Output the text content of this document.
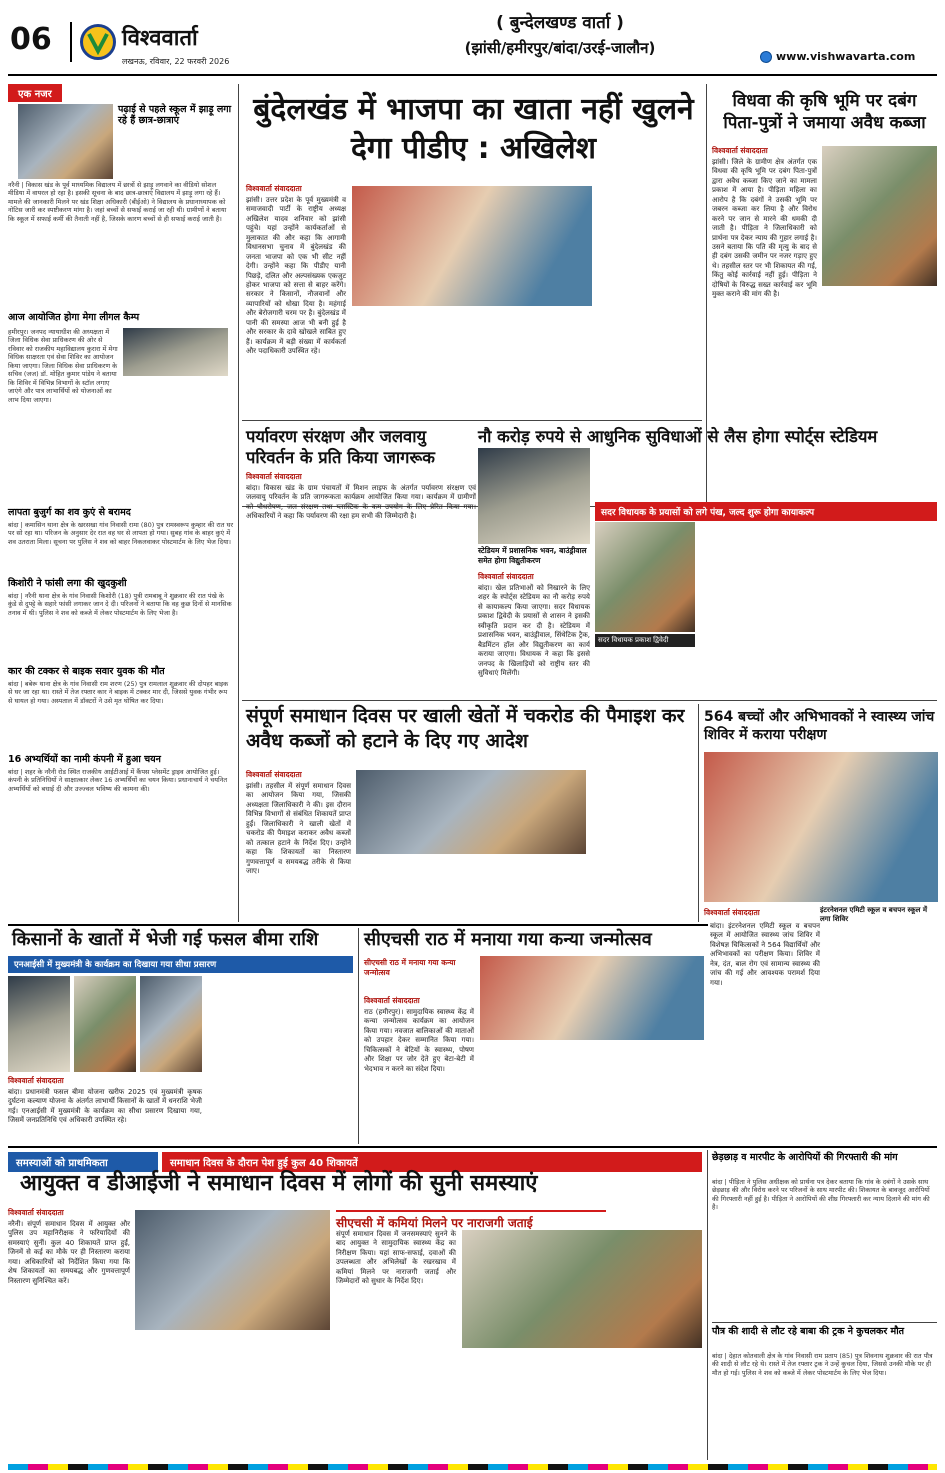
06	विश्ववार्ता
लखनऊ, रविवार, 22 फरवरी 2026
( बुन्देलखण्ड वार्ता )
(झांसी/हमीरपुर/बांदा/उरई-जालौन)	www.vishwavarta.com
एक नजर
पढ़ाई से पहले स्कूल में झाड़ू लगा रहे हैं छात्र-छात्राएं
नरैनी | विकास खंड के पूर्व माध्यमिक विद्यालय में छात्रों से झाड़ू लगवाने का वीडियो सोशल मीडिया में वायरल हो रहा है। इसकी सूचना के बाद छात्र-छात्राएं विद्यालय में झाड़ू लगा रहे हैं। मामले की जानकारी मिलने पर खंड शिक्षा अधिकारी (बीईओ) ने विद्यालय के प्रधानाध्यापक को नोटिस जारी कर स्पष्टीकरण मांगा है। जहां बच्चों से सफाई कराई जा रही थी। ग्रामीणों ने बताया कि स्कूल में सफाई कर्मी की तैनाती नहीं है, जिसके कारण बच्चों से ही सफाई कराई जाती है।
आज आयोजित होगा मेगा लीगल कैम्प
हमीरपुर। जनपद न्यायाधीश की अध्यक्षता में जिला विधिक सेवा प्राधिकरण की ओर से रविवार को राजकीय महाविद्यालय कुरारा में मेगा विधिक साक्षरता एवं सेवा शिविर का आयोजन किया जाएगा। जिला विधिक सेवा प्राधिकरण के सचिव (जज) डॉ. मोहित कुमार पांडेय ने बताया कि शिविर में विभिन्न विभागों के स्टॉल लगाए जाएंगे और पात्र लाभार्थियों को योजनाओं का लाभ दिया जाएगा।
लापता बुजुर्ग का शव कुएं से बरामद
बांदा | कमासिन थाना क्षेत्र के खरसखा गांव निवासी रामा (80) पुत्र रामस्वरूप कुम्हार की रात घर पर सो रहा था। परिजन के अनुसार देर रात वह घर से लापता हो गया। सुबह गांव के बाहर कुएं में शव उतराता मिला। सूचना पर पुलिस ने शव को बाहर निकलवाकर पोस्टमार्टम के लिए भेज दिया।
किशोरी ने फांसी लगा की खुदकुशी
बांदा | नरैनी थाना क्षेत्र के गांव निवासी किशोरी (18) पुत्री रामबाबू ने शुक्रवार की रात पंखे के कुंडे से दुपट्टे के सहारे फांसी लगाकर जान दे दी। परिजनों ने बताया कि वह कुछ दिनों से मानसिक तनाव में थी। पुलिस ने शव को कब्जे में लेकर पोस्टमार्टम के लिए भेजा है।
कार की टक्कर से बाइक सवार युवक की मौत
बांदा | बबेरू थाना क्षेत्र के गांव निवासी राम शरण (25) पुत्र रामलाल शुक्रवार की दोपहर बाइक से घर जा रहा था। रास्ते में तेज रफ्तार कार ने बाइक में टक्कर मार दी, जिससे युवक गंभीर रूप से घायल हो गया। अस्पताल में डॉक्टरों ने उसे मृत घोषित कर दिया।
16 अभ्यर्थियों का नामी कंपनी में हुआ चयन
बांदा | शहर के नरैनी रोड स्थित राजकीय आईटीआई में कैंपस प्लेसमेंट ड्राइव आयोजित हुई। कंपनी के प्रतिनिधियों ने साक्षात्कार लेकर 16 अभ्यर्थियों का चयन किया। प्रधानाचार्य ने चयनित अभ्यर्थियों को बधाई दी और उज्ज्वल भविष्य की कामना की।
बुंदेलखंड में भाजपा का खाता नहीं खुलने देगा पीडीए : अखिलेश
विश्ववार्ता संवाददाता
झांसी। उत्तर प्रदेश के पूर्व मुख्यमंत्री व समाजवादी पार्टी के राष्ट्रीय अध्यक्ष अखिलेश यादव शनिवार को झांसी पहुंचे। यहां उन्होंने कार्यकर्ताओं से मुलाकात की और कहा कि आगामी विधानसभा चुनाव में बुंदेलखंड की जनता भाजपा को एक भी सीट नहीं देगी। उन्होंने कहा कि पीडीए यानी पिछड़े, दलित और अल्पसंख्यक एकजुट होकर भाजपा को सत्ता से बाहर करेंगे। सरकार ने किसानों, नौजवानों और व्यापारियों को धोखा दिया है। महंगाई और बेरोजगारी चरम पर है। बुंदेलखंड में पानी की समस्या आज भी बनी हुई है और सरकार के दावे खोखले साबित हुए हैं। कार्यक्रम में बड़ी संख्या में कार्यकर्ता और पदाधिकारी उपस्थित रहे।
विधवा की कृषि भूमि पर दबंग पिता-पुत्रों ने जमाया अवैध कब्जा
विश्ववार्ता संवाददाता
झांसी। जिले के ग्रामीण क्षेत्र अंतर्गत एक विधवा की कृषि भूमि पर दबंग पिता-पुत्रों द्वारा अवैध कब्जा किए जाने का मामला प्रकाश में आया है। पीड़िता महिला का आरोप है कि दबंगों ने उसकी भूमि पर जबरन कब्जा कर लिया है और विरोध करने पर जान से मारने की धमकी दी जाती है। पीड़िता ने जिलाधिकारी को प्रार्थना पत्र देकर न्याय की गुहार लगाई है। उसने बताया कि पति की मृत्यु के बाद से ही दबंग उसकी जमीन पर नजर गड़ाए हुए थे। तहसील स्तर पर भी शिकायत की गई, किंतु कोई कार्रवाई नहीं हुई। पीड़िता ने दोषियों के विरुद्ध सख्त कार्रवाई कर भूमि मुक्त कराने की मांग की है।
पर्यावरण संरक्षण और जलवायु परिवर्तन के प्रति किया जागरूक
विश्ववार्ता संवाददाता
बांदा। विकास खंड के ग्राम पंचायतों में मिशन लाइफ के अंतर्गत पर्यावरण संरक्षण एवं जलवायु परिवर्तन के प्रति जागरूकता कार्यक्रम आयोजित किया गया। कार्यक्रम में ग्रामीणों को पौधरोपण, जल संरक्षण तथा प्लास्टिक के कम उपयोग के लिए प्रेरित किया गया। अधिकारियों ने कहा कि पर्यावरण की रक्षा हम सभी की जिम्मेदारी है।
नौ करोड़ रुपये से आधुनिक सुविधाओं से लैस होगा स्पोर्ट्स स्टेडियम
स्टेडियम में प्रशासनिक भवन, बाउंड्रीवाल समेत होगा विद्युतीकरण
सदर विधायक के प्रयासों को लगे पंख, जल्द शुरू होगा कायाकल्प
विश्ववार्ता संवाददाता
बांदा। खेल प्रतिभाओं को निखारने के लिए शहर के स्पोर्ट्स स्टेडियम का नौ करोड़ रुपये से कायाकल्प किया जाएगा। सदर विधायक प्रकाश द्विवेदी के प्रयासों से शासन ने इसकी स्वीकृति प्रदान कर दी है। स्टेडियम में प्रशासनिक भवन, बाउंड्रीवाल, सिंथेटिक ट्रैक, बैडमिंटन हॉल और विद्युतीकरण का कार्य कराया जाएगा। विधायक ने कहा कि इससे जनपद के खिलाड़ियों को राष्ट्रीय स्तर की सुविधाएं मिलेंगी।
सदर विधायक प्रकाश द्विवेदी
संपूर्ण समाधान दिवस पर खाली खेतों में चकरोड की पैमाइश कर अवैध कब्जों को हटाने के दिए गए आदेश
विश्ववार्ता संवाददाता
झांसी। तहसील में संपूर्ण समाधान दिवस का आयोजन किया गया, जिसकी अध्यक्षता जिलाधिकारी ने की। इस दौरान विभिन्न विभागों से संबंधित शिकायतें प्राप्त हुईं। जिलाधिकारी ने खाली खेतों में चकरोड की पैमाइश कराकर अवैध कब्जों को तत्काल हटाने के निर्देश दिए। उन्होंने कहा कि शिकायतों का निस्तारण गुणवत्तापूर्ण व समयबद्ध तरीके से किया जाए।
564 बच्चों और अभिभावकों ने स्वास्थ्य जांच शिविर में कराया परीक्षण
इंटरनेशनल एमिटी स्कूल व बचपन स्कूल में लगा शिविर
विश्ववार्ता संवाददाता
किसानों के खातों में भेजी गई फसल बीमा राशि
एनआईसी में मुख्यमंत्री के कार्यक्रम का दिखाया गया सीधा प्रसारण
विश्ववार्ता संवाददाता
बांदा। प्रधानमंत्री फसल बीमा योजना खरीफ 2025 एवं मुख्यमंत्री कृषक दुर्घटना कल्याण योजना के अंतर्गत लाभार्थी किसानों के खातों में धनराशि भेजी गई। एनआईसी में मुख्यमंत्री के कार्यक्रम का सीधा प्रसारण दिखाया गया, जिसमें जनप्रतिनिधि एवं अधिकारी उपस्थित रहे।
सीएचसी राठ में मनाया गया कन्या जन्मोत्सव
सीएचसी राठ में मनाया गया कन्या जन्मोत्सव
विश्ववार्ता संवाददाता
राठ (हमीरपुर)। सामुदायिक स्वास्थ्य केंद्र में कन्या जन्मोत्सव कार्यक्रम का आयोजन किया गया। नवजात बालिकाओं की माताओं को उपहार देकर सम्मानित किया गया। चिकित्सकों ने बेटियों के स्वास्थ्य, पोषण और शिक्षा पर जोर देते हुए बेटा-बेटी में भेदभाव न करने का संदेश दिया।
बांदा। इंटरनेशनल एमिटी स्कूल व बचपन स्कूल में आयोजित स्वास्थ्य जांच शिविर में विशेषज्ञ चिकित्सकों ने 564 विद्यार्थियों और अभिभावकों का परीक्षण किया। शिविर में नेत्र, दंत, बाल रोग एवं सामान्य स्वास्थ्य की जांच की गई और आवश्यक परामर्श दिया गया।
समस्याओं को प्राथमिकता	समाधान दिवस के दौरान पेश हुई कुल 40 शिकायतें
आयुक्त व डीआईजी ने समाधान दिवस में लोगों की सुनी समस्याएं
विश्ववार्ता संवाददाता
नरैनी। संपूर्ण समाधान दिवस में आयुक्त और पुलिस उप महानिरीक्षक ने फरियादियों की समस्याएं सुनीं। कुल 40 शिकायतें प्राप्त हुईं, जिनमें से कई का मौके पर ही निस्तारण कराया गया। अधिकारियों को निर्देशित किया गया कि शेष शिकायतों का समयबद्ध और गुणवत्तापूर्ण निस्तारण सुनिश्चित करें।
सीएचसी में कमियां मिलने पर नाराजगी जताई
संपूर्ण समाधान दिवस में जनसमस्याएं सुनने के बाद आयुक्त ने सामुदायिक स्वास्थ्य केंद्र का निरीक्षण किया। यहां साफ-सफाई, दवाओं की उपलब्धता और अभिलेखों के रखरखाव में कमियां मिलने पर नाराजगी जताई और जिम्मेदारों को सुधार के निर्देश दिए।
छेड़छाड़ व मारपीट के आरोपियों की गिरफ्तारी की मांग
बांदा | पीड़िता ने पुलिस अधीक्षक को प्रार्थना पत्र देकर बताया कि गांव के दबंगों ने उसके साथ छेड़छाड़ की और विरोध करने पर परिजनों के साथ मारपीट की। शिकायत के बावजूद आरोपियों की गिरफ्तारी नहीं हुई है। पीड़िता ने आरोपियों की शीघ्र गिरफ्तारी कर न्याय दिलाने की मांग की है।
पौत्र की शादी से लौट रहे बाबा की ट्रक ने कुचलकर मौत
बांदा | देहात कोतवाली क्षेत्र के गांव निवासी राम प्रताप (85) पुत्र शिवनाथ शुक्रवार की रात पौत्र की शादी से लौट रहे थे। रास्ते में तेज रफ्तार ट्रक ने उन्हें कुचल दिया, जिससे उनकी मौके पर ही मौत हो गई। पुलिस ने शव को कब्जे में लेकर पोस्टमार्टम के लिए भेज दिया।
